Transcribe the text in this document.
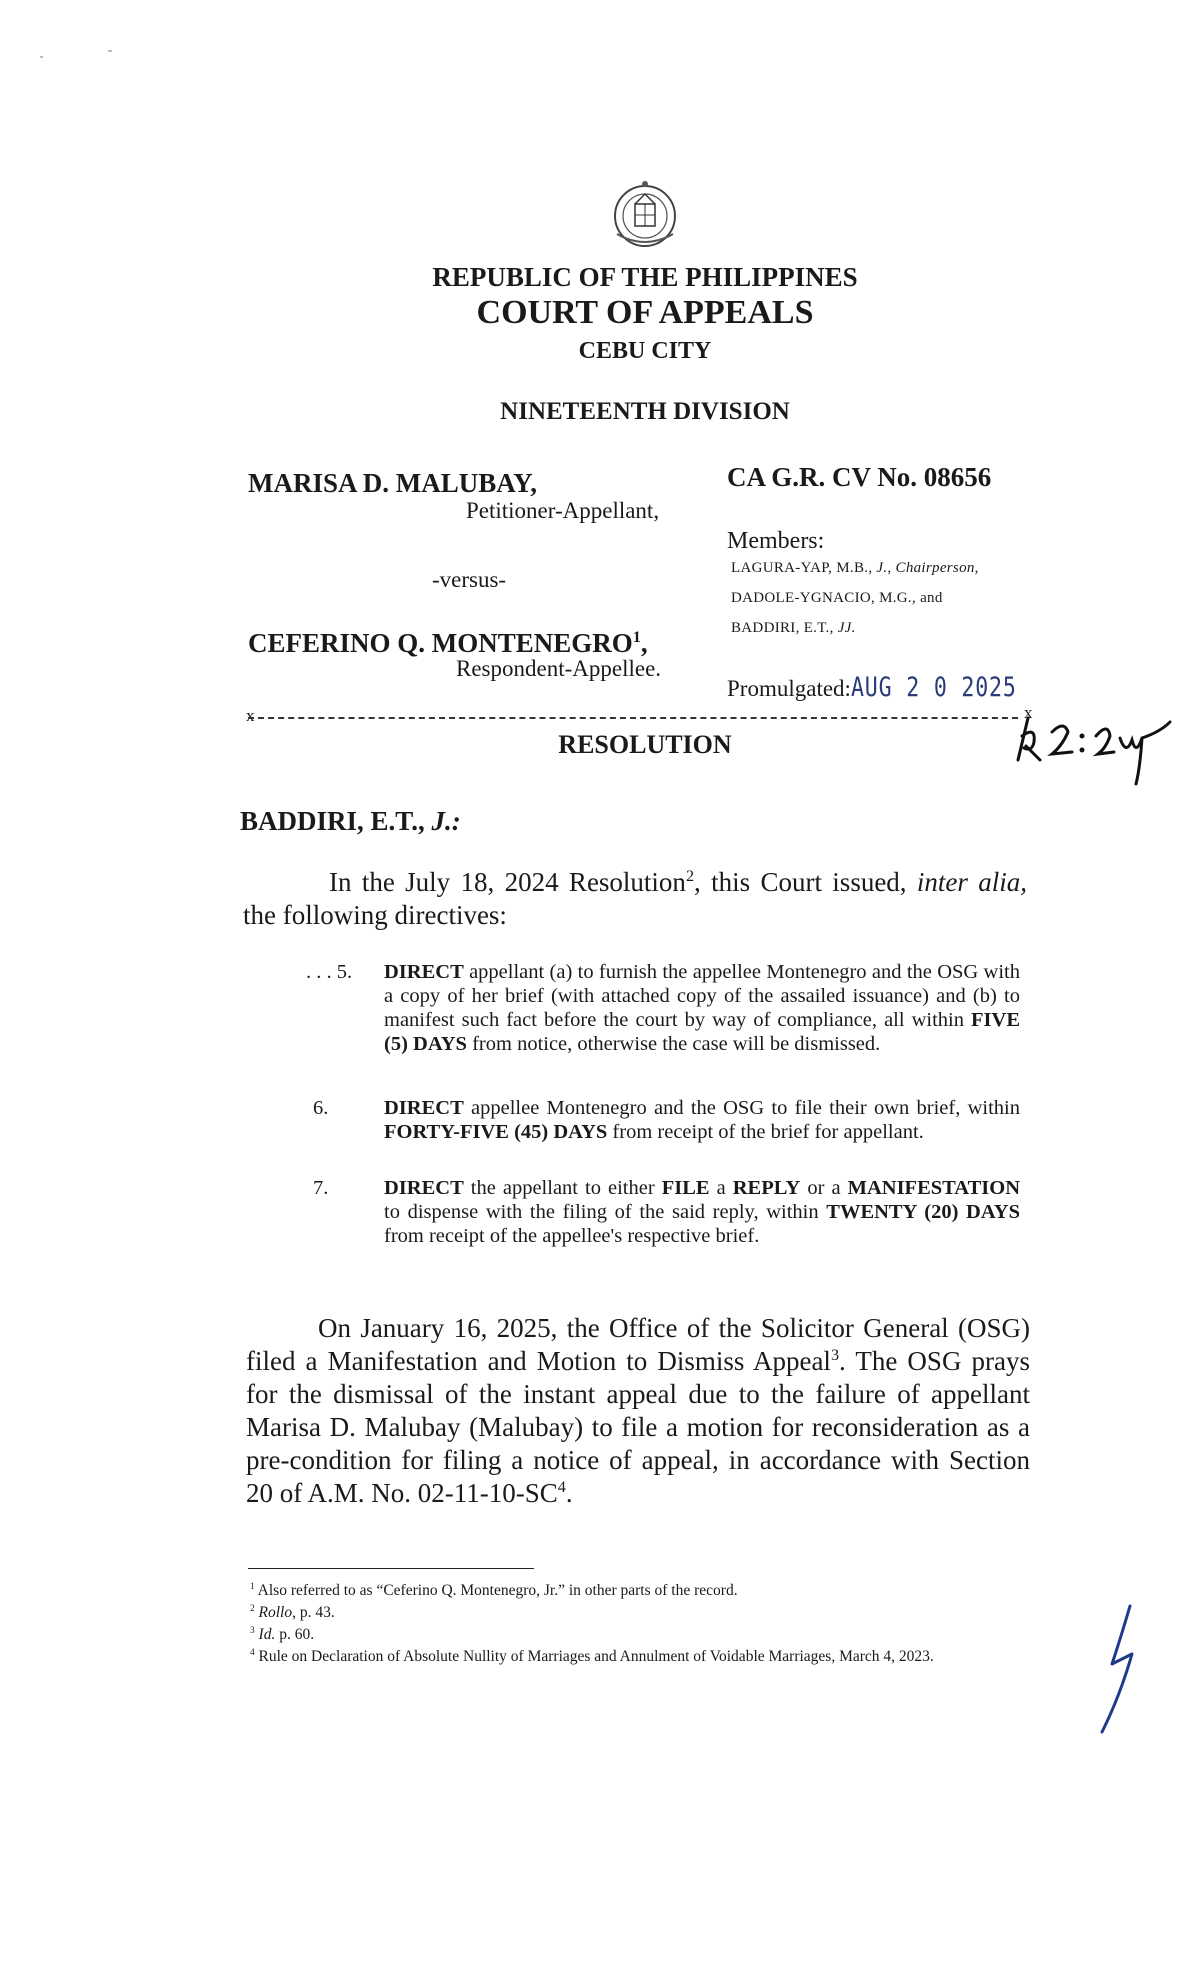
REPUBLIC OF THE PHILIPPINES
COURT OF APPEALS
CEBU CITY
NINETEENTH DIVISION
MARISA D. MALUBAY,
Petitioner-Appellant,
-versus-
CEFERINO Q. MONTENEGRO$^1$,
Respondent-Appellee.
CA G.R. CV No. 08656
Members:
LAGURA-YAP, M.B., J., Chairperson,
DADOLE-YGNACIO, M.G., and
BADDIRI, E.T., JJ.
Promulgated:AUG 2 0 2025
x	x
RESOLUTION
BADDIRI, E.T., J.:
In the July 18, 2024 Resolution$^2$, this Court issued, inter alia, the following directives:
. . . 5. DIRECT appellant (a) to furnish the appellee Montenegro and the OSG with a copy of her brief (with attached copy of the assailed issuance) and (b) to manifest such fact before the court by way of compliance, all within FIVE (5) DAYS from notice, otherwise the case will be dismissed.
6.	DIRECT appellee Montenegro and the OSG to file their own brief, within FORTY-FIVE (45) DAYS from receipt of the brief for appellant.
7.	DIRECT the appellant to either FILE a REPLY or a MANIFESTATION to dispense with the filing of the said reply, within TWENTY (20) DAYS from receipt of the appellee's respective brief.
On January 16, 2025, the Office of the Solicitor General (OSG) filed a Manifestation and Motion to Dismiss Appeal$^3$. The OSG prays for the dismissal of the instant appeal due to the failure of appellant Marisa D. Malubay (Malubay) to file a motion for reconsideration as a pre-condition for filing a notice of appeal, in accordance with Section 20 of A.M. No. $02-11-10-SC^4$.
$^1$ Also referred to as “Ceferino Q. Montenegro, Jr.” in other parts of the record.
$^2$ Rollo, p. 43.
$^3$ Id. p. 60.
$^4$ Rule on Declaration of Absolute Nullity of Marriages and Annulment of Voidable Marriages, March 4, 2023.
